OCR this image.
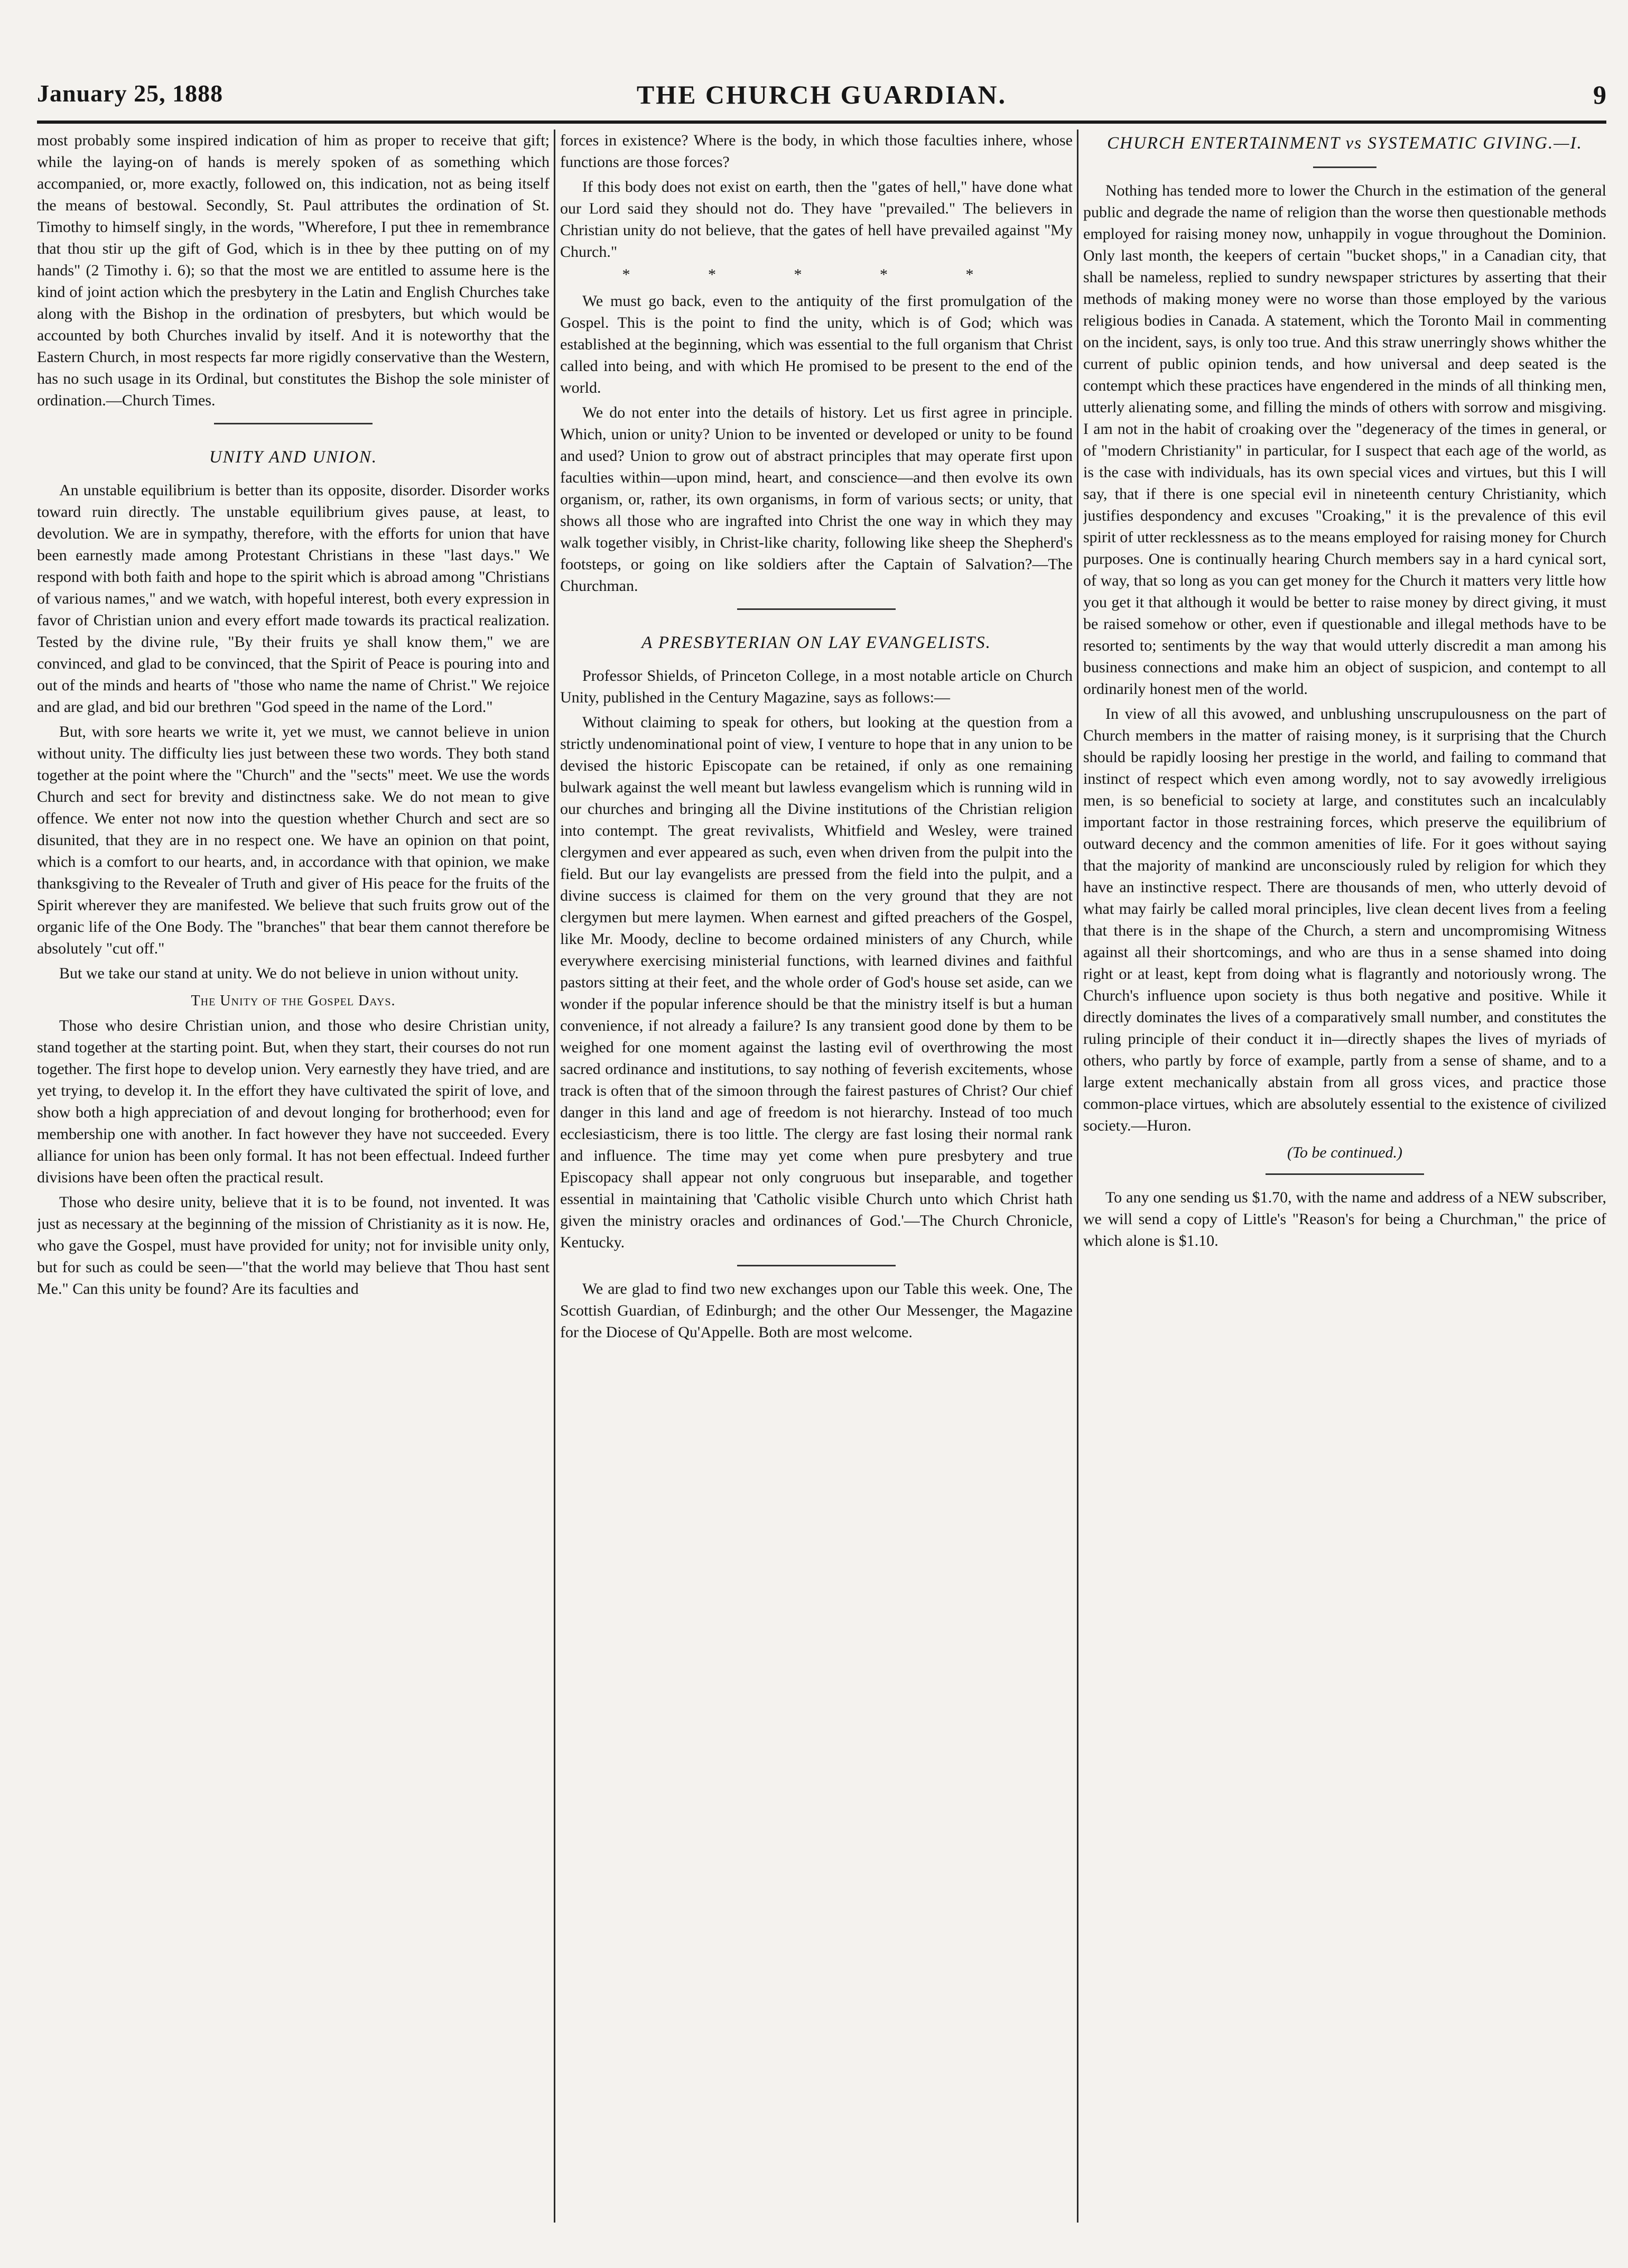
January 25, 1888	THE CHURCH GUARDIAN.	9

most probably some inspired indication of him as proper to receive that gift; while the laying-on of hands is merely spoken of as something which accompanied, or, more exactly, followed on, this indication, not as being itself the means of bestowal. Secondly, St. Paul attributes the ordination of St. Timothy to himself singly, in the words, "Wherefore, I put thee in remembrance that thou stir up the gift of God, which is in thee by thee putting on of my hands" (2 Timothy i. 6); so that the most we are entitled to assume here is the kind of joint action which the presbytery in the Latin and English Churches take along with the Bishop in the ordination of presbyters, but which would be accounted by both Churches invalid by itself. And it is noteworthy that the Eastern Church, in most respects far more rigidly conservative than the Western, has no such usage in its Ordinal, but constitutes the Bishop the sole minister of ordination.—Church Times.

UNITY AND UNION.

An unstable equilibrium is better than its opposite, disorder. Disorder works toward ruin directly. The unstable equilibrium gives pause, at least, to devolution. We are in sympathy, therefore, with the efforts for union that have been earnestly made among Protestant Christians in these "last days." We respond with both faith and hope to the spirit which is abroad among "Christians of various names," and we watch, with hopeful interest, both every expression in favor of Christian union and every effort made towards its practical realization. Tested by the divine rule, "By their fruits ye shall know them," we are convinced, and glad to be convinced, that the Spirit of Peace is pouring into and out of the minds and hearts of "those who name the name of Christ." We rejoice and are glad, and bid our brethren "God speed in the name of the Lord."

But, with sore hearts we write it, yet we must, we cannot believe in union without unity. The difficulty lies just between these two words. They both stand together at the point where the "Church" and the "sects" meet. We use the words Church and sect for brevity and distinctness sake. We do not mean to give offence. We enter not now into the question whether Church and sect are so disunited, that they are in no respect one. We have an opinion on that point, which is a comfort to our hearts, and, in accordance with that opinion, we make thanksgiving to the Revealer of Truth and giver of His peace for the fruits of the Spirit wherever they are manifested. We believe that such fruits grow out of the organic life of the One Body. The "branches" that bear them cannot therefore be absolutely "cut off."

But we take our stand at unity. We do not believe in union without unity.

The Unity of the Gospel Days.

Those who desire Christian union, and those who desire Christian unity, stand together at the starting point. But, when they start, their courses do not run together. The first hope to develop union. Very earnestly they have tried, and are yet trying, to develop it. In the effort they have cultivated the spirit of love, and show both a high appreciation of and devout longing for brotherhood; even for membership one with another. In fact however they have not succeeded. Every alliance for union has been only formal. It has not been effectual. Indeed further divisions have been often the practical result.

Those who desire unity, believe that it is to be found, not invented. It was just as necessary at the beginning of the mission of Christianity as it is now. He, who gave the Gospel, must have provided for unity; not for invisible unity only, but for such as could be seen—"that the world may believe that Thou hast sent Me." Can this unity be found? Are its faculties and

forces in existence? Where is the body, in which those faculties inhere, whose functions are those forces?

If this body does not exist on earth, then the "gates of hell," have done what our Lord said they should not do. They have "prevailed." The believers in Christian unity do not believe, that the gates of hell have prevailed against "My Church."

* * * * *

We must go back, even to the antiquity of the first promulgation of the Gospel. This is the point to find the unity, which is of God; which was established at the beginning, which was essential to the full organism that Christ called into being, and with which He promised to be present to the end of the world.

We do not enter into the details of history. Let us first agree in principle. Which, union or unity? Union to be invented or developed or unity to be found and used? Union to grow out of abstract principles that may operate first upon faculties within—upon mind, heart, and conscience—and then evolve its own organism, or, rather, its own organisms, in form of various sects; or unity, that shows all those who are ingrafted into Christ the one way in which they may walk together visibly, in Christ-like charity, following like sheep the Shepherd's footsteps, or going on like soldiers after the Captain of Salvation?—The Churchman.

A PRESBYTERIAN ON LAY EVANGELISTS.

Professor Shields, of Princeton College, in a most notable article on Church Unity, published in the Century Magazine, says as follows:—

Without claiming to speak for others, but looking at the question from a strictly undenominational point of view, I venture to hope that in any union to be devised the historic Episcopate can be retained, if only as one remaining bulwark against the well meant but lawless evangelism which is running wild in our churches and bringing all the Divine institutions of the Christian religion into contempt. The great revivalists, Whitfield and Wesley, were trained clergymen and ever appeared as such, even when driven from the pulpit into the field. But our lay evangelists are pressed from the field into the pulpit, and a divine success is claimed for them on the very ground that they are not clergymen but mere laymen. When earnest and gifted preachers of the Gospel, like Mr. Moody, decline to become ordained ministers of any Church, while everywhere exercising ministerial functions, with learned divines and faithful pastors sitting at their feet, and the whole order of God's house set aside, can we wonder if the popular inference should be that the ministry itself is but a human convenience, if not already a failure? Is any transient good done by them to be weighed for one moment against the lasting evil of overthrowing the most sacred ordinance and institutions, to say nothing of feverish excitements, whose track is often that of the simoon through the fairest pastures of Christ? Our chief danger in this land and age of freedom is not hierarchy. Instead of too much ecclesiasticism, there is too little. The clergy are fast losing their normal rank and influence. The time may yet come when pure presbytery and true Episcopacy shall appear not only congruous but inseparable, and together essential in maintaining that 'Catholic visible Church unto which Christ hath given the ministry oracles and ordinances of God.'—The Church Chronicle, Kentucky.

We are glad to find two new exchanges upon our Table this week. One, The Scottish Guardian, of Edinburgh; and the other Our Messenger, the Magazine for the Diocese of Qu'Appelle. Both are most welcome.

CHURCH ENTERTAINMENT vs SYSTEMATIC GIVING.—I.

Nothing has tended more to lower the Church in the estimation of the general public and degrade the name of religion than the worse then questionable methods employed for raising money now, unhappily in vogue throughout the Dominion. Only last month, the keepers of certain "bucket shops," in a Canadian city, that shall be nameless, replied to sundry newspaper strictures by asserting that their methods of making money were no worse than those employed by the various religious bodies in Canada. A statement, which the Toronto Mail in commenting on the incident, says, is only too true. And this straw unerringly shows whither the current of public opinion tends, and how universal and deep seated is the contempt which these practices have engendered in the minds of all thinking men, utterly alienating some, and filling the minds of others with sorrow and misgiving. I am not in the habit of croaking over the "degeneracy of the times in general, or of "modern Christianity" in particular, for I suspect that each age of the world, as is the case with individuals, has its own special vices and virtues, but this I will say, that if there is one special evil in nineteenth century Christianity, which justifies despondency and excuses "Croaking," it is the prevalence of this evil spirit of utter recklessness as to the means employed for raising money for Church purposes. One is continually hearing Church members say in a hard cynical sort, of way, that so long as you can get money for the Church it matters very little how you get it that although it would be better to raise money by direct giving, it must be raised somehow or other, even if questionable and illegal methods have to be resorted to; sentiments by the way that would utterly discredit a man among his business connections and make him an object of suspicion, and contempt to all ordinarily honest men of the world.

In view of all this avowed, and unblushing unscrupulousness on the part of Church members in the matter of raising money, is it surprising that the Church should be rapidly loosing her prestige in the world, and failing to command that instinct of respect which even among wordly, not to say avowedly irreligious men, is so beneficial to society at large, and constitutes such an incalculably important factor in those restraining forces, which preserve the equilibrium of outward decency and the common amenities of life. For it goes without saying that the majority of mankind are unconsciously ruled by religion for which they have an instinctive respect. There are thousands of men, who utterly devoid of what may fairly be called moral principles, live clean decent lives from a feeling that there is in the shape of the Church, a stern and uncompromising Witness against all their shortcomings, and who are thus in a sense shamed into doing right or at least, kept from doing what is flagrantly and notoriously wrong. The Church's influence upon society is thus both negative and positive. While it directly dominates the lives of a comparatively small number, and constitutes the ruling principle of their conduct it in—directly shapes the lives of myriads of others, who partly by force of example, partly from a sense of shame, and to a large extent mechanically abstain from all gross vices, and practice those common-place virtues, which are absolutely essential to the existence of civilized society.—Huron.

(To be continued.)

To any one sending us $1.70, with the name and address of a NEW subscriber, we will send a copy of Little's "Reason's for being a Churchman," the price of which alone is $1.10.
